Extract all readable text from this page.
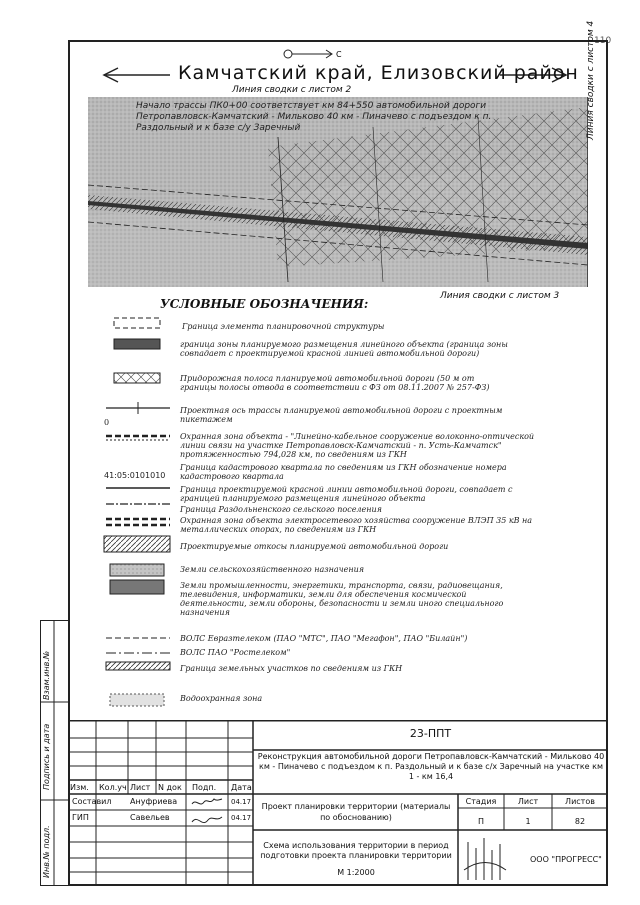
110
C
Камчатский край, Елизовский район
Линия сводки с листом 2
Начало трассы ПК0+00 соответствует км 84+550 автомобильной дороги Петропавловск-Камчатский - Мильково 40 км - Пиначево с подъездом к п. Раздольный и к базе с/у Заречный	Линия сводки с листом 4
Линия сводки с листом 3
УСЛОВНЫЕ ОБОЗНАЧЕНИЯ:
0
41:05:0101010
Граница элемента планировочной структуры
граница зоны планируемого размещения линейного объекта (граница зоны совпадает с проектируемой красной линией автомобильной дороги)
Придорожная полоса планируемой автомобильной дороги (50 м от границы полосы отвода в соответствии с ФЗ от 08.11.2007 № 257-ФЗ)
Проектная ось трассы планируемой автомобильной дороги с проектным пикетажем
Охранная зона объекта - "Линейно-кабельное сооружение волоконно-оптической линии связи на участке Петропавловск-Камчатский - п. Усть-Камчатск" протяженностью 794,028 км, по сведениям из ГКН
Граница кадастрового квартала по сведениям из ГКН обозначение номера кадастрового квартала
Граница проектируемой красной линии автомобильной дороги, совпадает с границей планируемого размещения линейного объекта
Граница Раздольненского сельского поселения
Охранная зона объекта электросетевого хозяйства сооружение ВЛЭП 35 кВ на металлических опорах, по сведениям из ГКН
Проектируемые откосы планируемой автомобильной дороги
Земли сельскохозяйственного назначения
Земли промышленности, энергетики, транспорта, связи, радиовещания, телевидения, информатики, земли для обеспечения космической деятельности, земли обороны, безопасности и земли иного специального назначения
ВОЛС Евразтелеком (ПАО "МТС", ПАО "Мегафон", ПАО "Билайн")
ВОЛС ПАО "Ростелеком"
Граница земельных участков по сведениям из ГКН
Водоохранная зона
Взам.инв.№
Подпись и дата
Инв.№ подл.
23-ППТ
Реконструкция автомобильной дороги Петропавловск-Камчатский - Мильково 40 км - Пиначево с подъездом к п. Раздольный и к базе с/х Заречный на участке км 1 - км 16,4
Изм. Кол.уч Лист N док Подп. Дата
Составил Ануфриева	04.17
ГИП	Савельев	04.17
Проект планировки территории (материалы по обоснованию)
Стадия	Лист	Листов
П	1	82
Схема использования территории в период подготовки проекта планировки территории
М 1:2000
ООО "ПРОГРЕСС"
